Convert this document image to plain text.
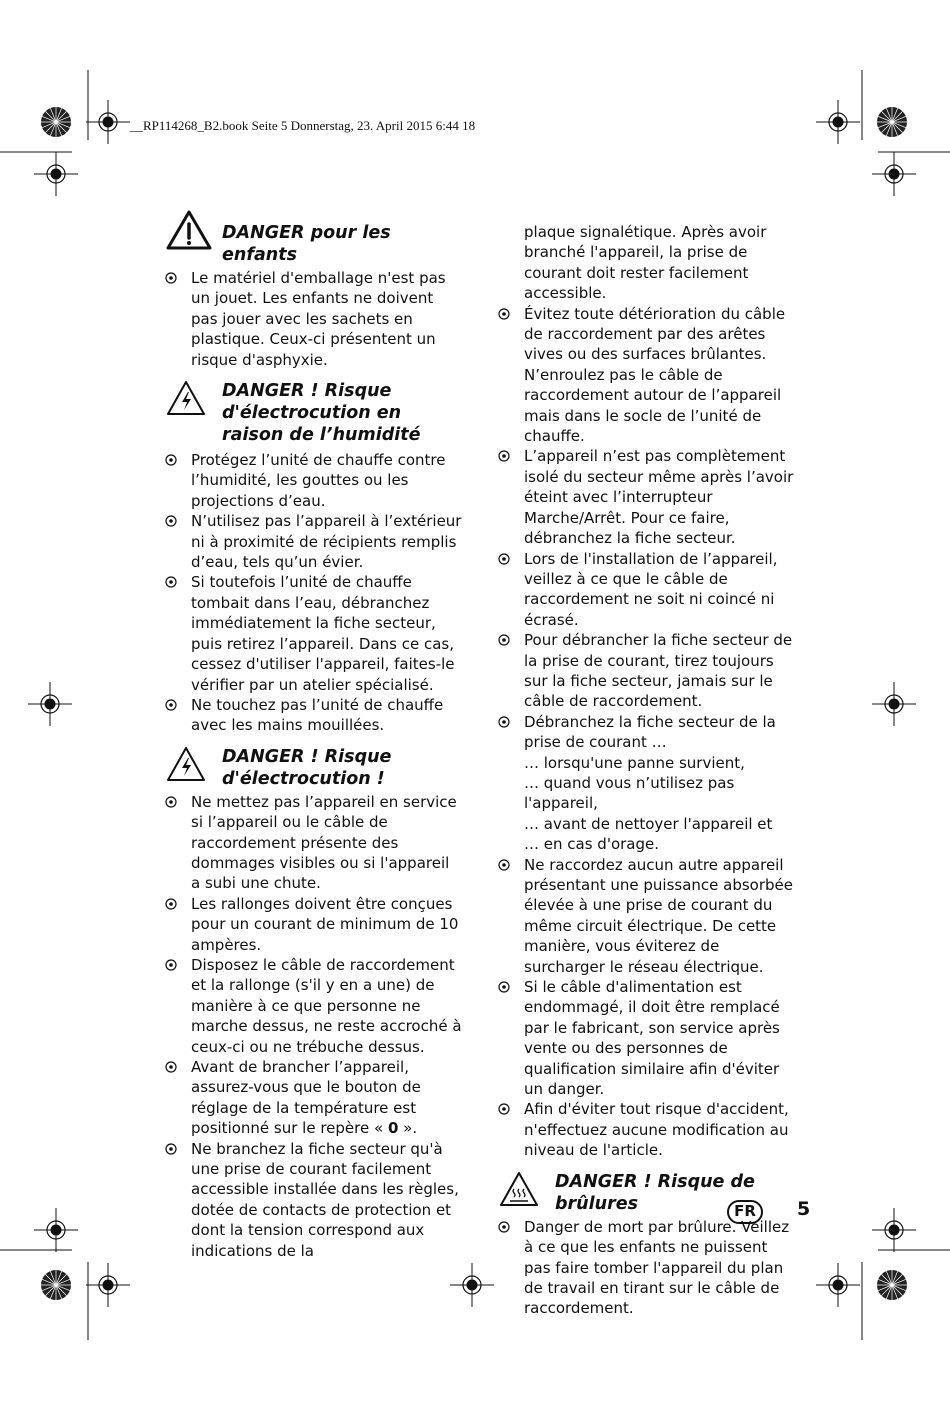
__RP114268_B2.book Seite 5 Donnerstag, 23. April 2015 6:44 18
DANGER pour les enfants
Le matériel d'emballage n'est pas un jouet. Les enfants ne doivent pas jouer avec les sachets en plastique. Ceux-ci présentent un risque d'asphyxie.
DANGER ! Risque d'électrocution en raison de l’humidité
Protégez l’unité de chauffe contre l’humidité, les gouttes ou les projections d’eau.
N’utilisez pas l’appareil à l’extérieur ni à proximité de récipients remplis d’eau, tels qu’un évier.
Si toutefois l’unité de chauffe tombait dans l’eau, débranchez immédiatement la fiche secteur, puis retirez l’appareil. Dans ce cas, cessez d'utiliser l'appareil, faites-le vérifier par un atelier spécialisé.
Ne touchez pas l’unité de chauffe avec les mains mouillées.
DANGER ! Risque d'électrocution !
Ne mettez pas l’appareil en service si l’appareil ou le câble de raccordement présente des dommages visibles ou si l'appareil a subi une chute.
Les rallonges doivent être conçues pour un courant de minimum de 10 ampères.
Disposez le câble de raccordement et la rallonge (s'il y en a une) de manière à ce que personne ne marche dessus, ne reste accroché à ceux-ci ou ne trébuche dessus.
Avant de brancher l’appareil, assurez-vous que le bouton de réglage de la température est positionné sur le repère « 0 ».
Ne branchez la fiche secteur qu'à une prise de courant facilement accessible installée dans les règles, dotée de contacts de protection et dont la tension correspond aux indications de la
plaque signalétique. Après avoir branché l'appareil, la prise de courant doit rester facilement accessible.
Évitez toute détérioration du câble de raccordement par des arêtes vives ou des surfaces brûlantes. N’enroulez pas le câble de raccordement autour de l’appareil mais dans le socle de l’unité de chauffe.
L’appareil n’est pas complètement isolé du secteur même après l’avoir éteint avec l’interrupteur Marche/Arrêt. Pour ce faire, débranchez la fiche secteur.
Lors de l'installation de l’appareil, veillez à ce que le câble de raccordement ne soit ni coincé ni écrasé.
Pour débrancher la fiche secteur de la prise de courant, tirez toujours sur la fiche secteur, jamais sur le câble de raccordement.
Débranchez la fiche secteur de la prise de courant …
… lorsqu'une panne survient,
… quand vous n’utilisez pas l'appareil,
… avant de nettoyer l'appareil et
… en cas d'orage.
Ne raccordez aucun autre appareil présentant une puissance absorbée élevée à une prise de courant du même circuit électrique. De cette manière, vous éviterez de surcharger le réseau électrique.
Si le câble d'alimentation est endommagé, il doit être remplacé par le fabricant, son service après vente ou des personnes de qualification similaire afin d'éviter un danger.
Afin d'éviter tout risque d'accident, n'effectuez aucune modification au niveau de l'article.
DANGER ! Risque de brûlures
Danger de mort par brûlure. Veillez à ce que les enfants ne puissent pas faire tomber l'appareil du plan de travail en tirant sur le câble de raccordement.
FR	5
